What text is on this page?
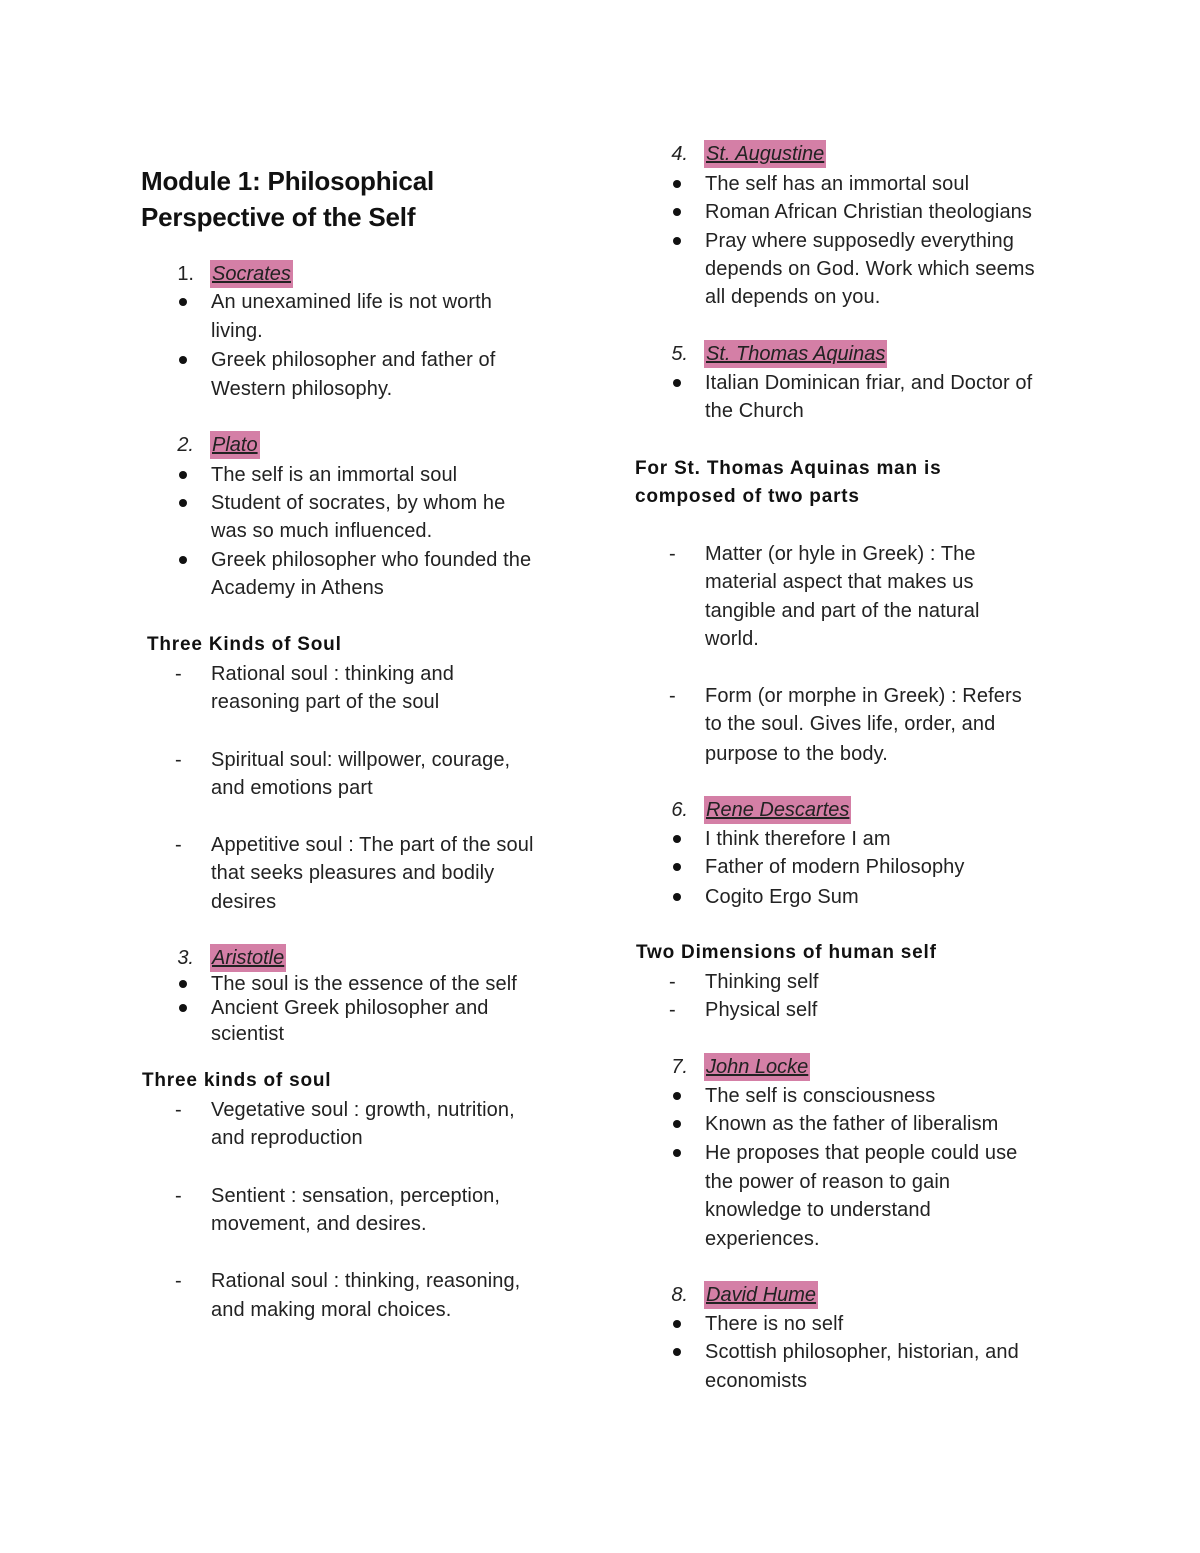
Module 1: Philosophical
Perspective of the Self
1. Socrates
An unexamined life is not worth
living.
Greek philosopher and father of
Western philosophy.
2. Plato
The self is an immortal soul
Student of socrates, by whom he
was so much influenced.
Greek philosopher who founded the
Academy in Athens
Three Kinds of Soul
- Rational soul : thinking and
reasoning part of the soul
- Spiritual soul: willpower, courage,
and emotions part
- Appetitive soul : The part of the soul
that seeks pleasures and bodily
desires
3. Aristotle
The soul is the essence of the self
Ancient Greek philosopher and
scientist
Three kinds of soul
- Vegetative soul : growth, nutrition,
and reproduction
- Sentient : sensation, perception,
movement, and desires.
- Rational soul : thinking, reasoning,
and making moral choices.
4. St. Augustine
The self has an immortal soul
Roman African Christian theologians
Pray where supposedly everything
depends on God. Work which seems
all depends on you.
5. St. Thomas Aquinas
Italian Dominican friar, and Doctor of
the Church
For St. Thomas Aquinas man is
composed of two parts
- Matter (or hyle in Greek) : The
material aspect that makes us
tangible and part of the natural
world.
- Form (or morphe in Greek) : Refers
to the soul. Gives life, order, and
purpose to the body.
6. Rene Descartes
I think therefore I am
Father of modern Philosophy
Cogito Ergo Sum
Two Dimensions of human self
- Thinking self
- Physical self
7. John Locke
The self is consciousness
Known as the father of liberalism
He proposes that people could use
the power of reason to gain
knowledge to understand
experiences.
8. David Hume
There is no self
Scottish philosopher, historian, and
economists
